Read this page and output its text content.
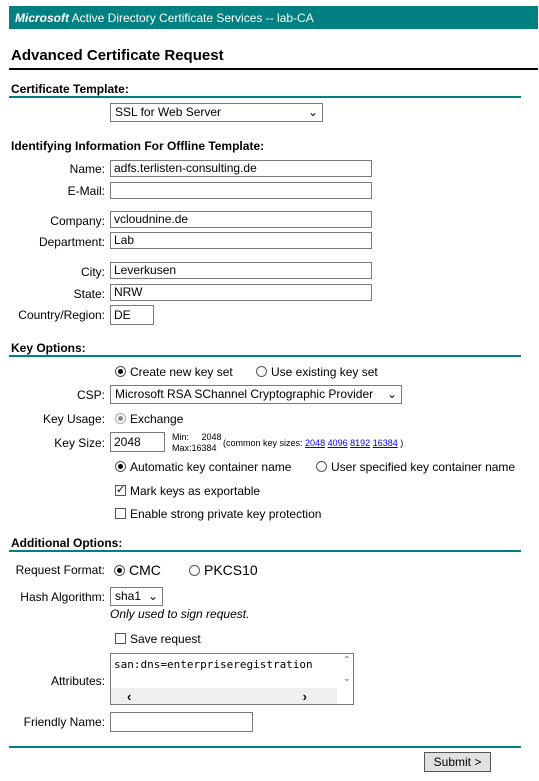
Microsoft Active Directory Certificate Services -- lab-CA
Advanced Certificate Request
Certificate Template:
SSL for Web Server	⌄
Identifying Information For Offline Template:
Name: adfs.terlisten-consulting.de
E-Mail:
Company: vcloudnine.de
Department: Lab
City: Leverkusen
State: NRW
Country/Region: DE
Key Options:
Create new key set	Use existing key set
CSP: Microsoft RSA SChannel Cryptographic Provider ⌄
Key Usage: Exchange
Key Size: 2048	Min: 2048
Max:16384 (common key sizes: 2048 4096 8192 16384 )
Automatic key container name	User specified key container name
✓
Mark keys as exportable
Enable strong private key protection
Additional Options:
Request Format: CMC	PKCS10
Hash Algorithm: sha1 ⌄
Only used to sign request.
Save request
Attributes:
san:dns=enterpriseregistration	⌃
⌄
‹	›
Friendly Name:
Submit >
